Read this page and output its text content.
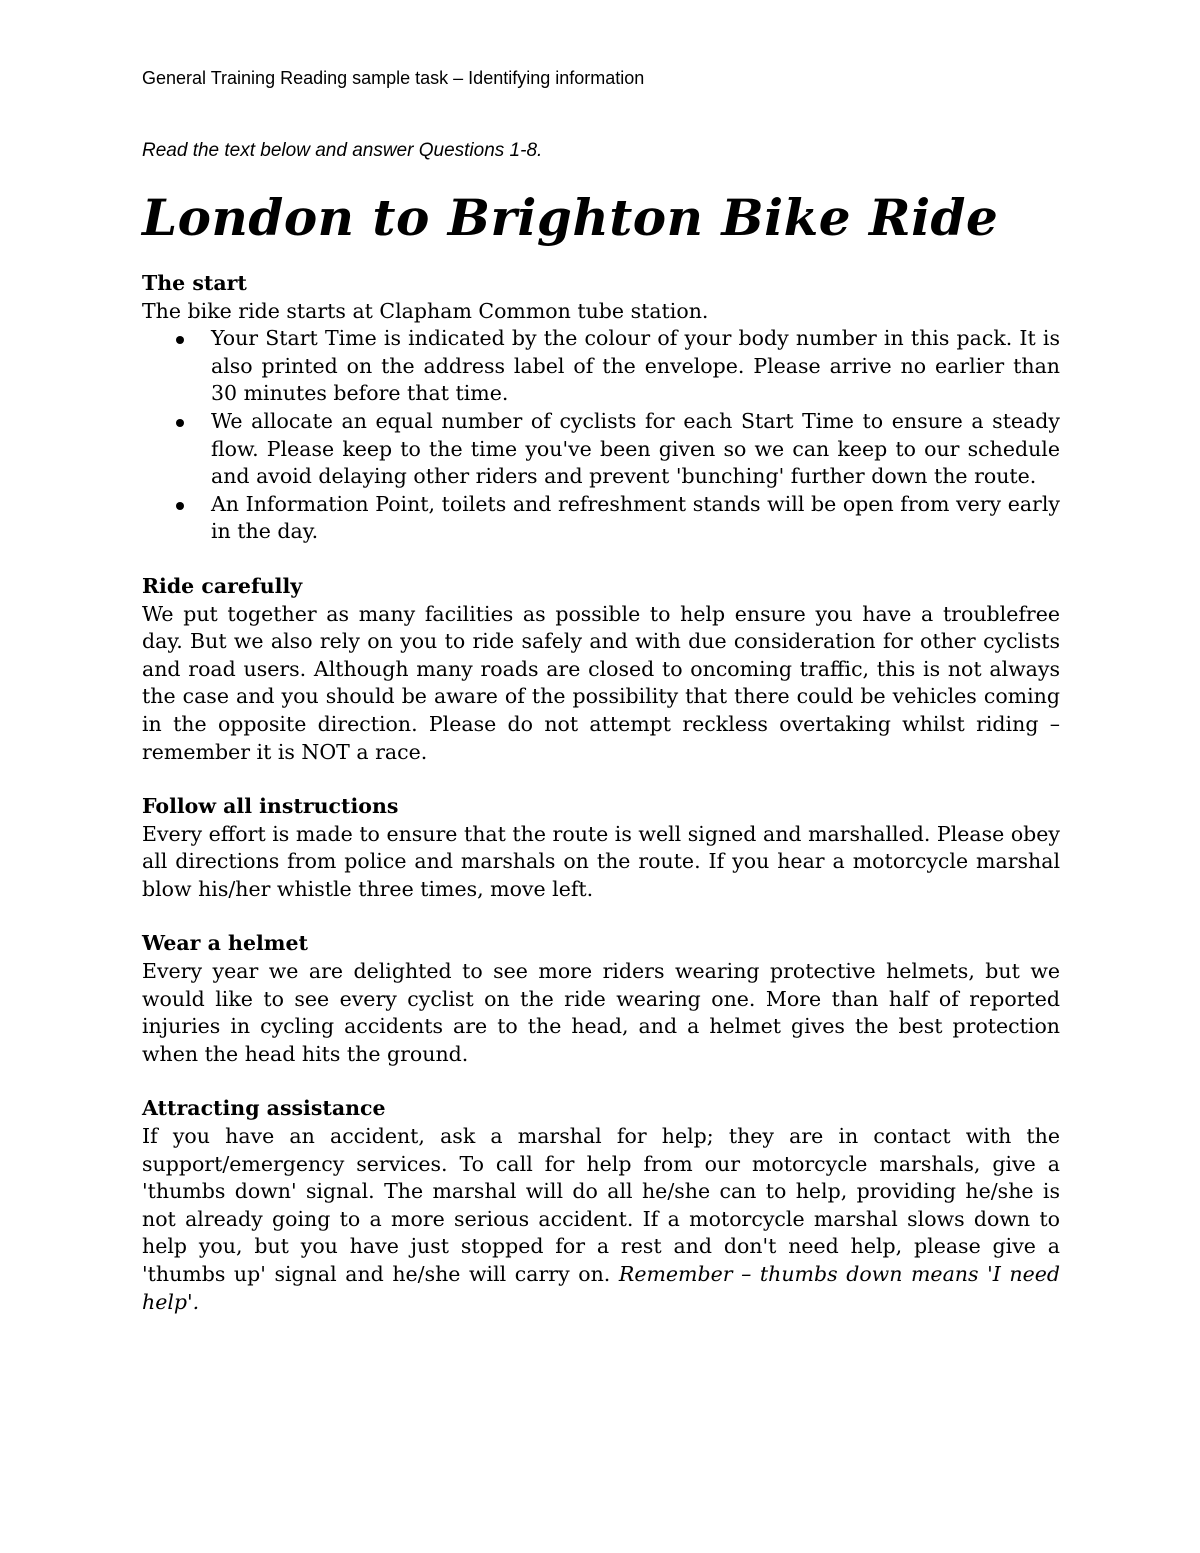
General Training Reading sample task – Identifying information

Read the text below and answer Questions 1-8.

London to Brighton Bike Ride

The start

The bike ride starts at Clapham Common tube station.

Your Start Time is indicated by the colour of your body number in this pack. It is also printed on the address label of the envelope. Please arrive no earlier than 30 minutes before that time.
We allocate an equal number of cyclists for each Start Time to ensure a steady flow. Please keep to the time you've been given so we can keep to our schedule and avoid delaying other riders and prevent 'bunching' further down the route.
An Information Point, toilets and refreshment stands will be open from very early in the day.

Ride carefully

We put together as many facilities as possible to help ensure you have a troublefree day. But we also rely on you to ride safely and with due consideration for other cyclists and road users. Although many roads are closed to oncoming traffic, this is not always the case and you should be aware of the possibility that there could be vehicles coming in the opposite direction. Please do not attempt reckless overtaking whilst riding – remember it is NOT a race.

Follow all instructions

Every effort is made to ensure that the route is well signed and marshalled. Please obey all directions from police and marshals on the route. If you hear a motorcycle marshal blow his/her whistle three times, move left.

Wear a helmet

Every year we are delighted to see more riders wearing protective helmets, but we would like to see every cyclist on the ride wearing one. More than half of reported injuries in cycling accidents are to the head, and a helmet gives the best protection when the head hits the ground.

Attracting assistance

If you have an accident, ask a marshal for help; they are in contact with the support/emergency services. To call for help from our motorcycle marshals, give a 'thumbs down' signal. The marshal will do all he/she can to help, providing he/she is not already going to a more serious accident. If a motorcycle marshal slows down to help you, but you have just stopped for a rest and don't need help, please give a 'thumbs up' signal and he/she will carry on. Remember – thumbs down means 'I need help'.
